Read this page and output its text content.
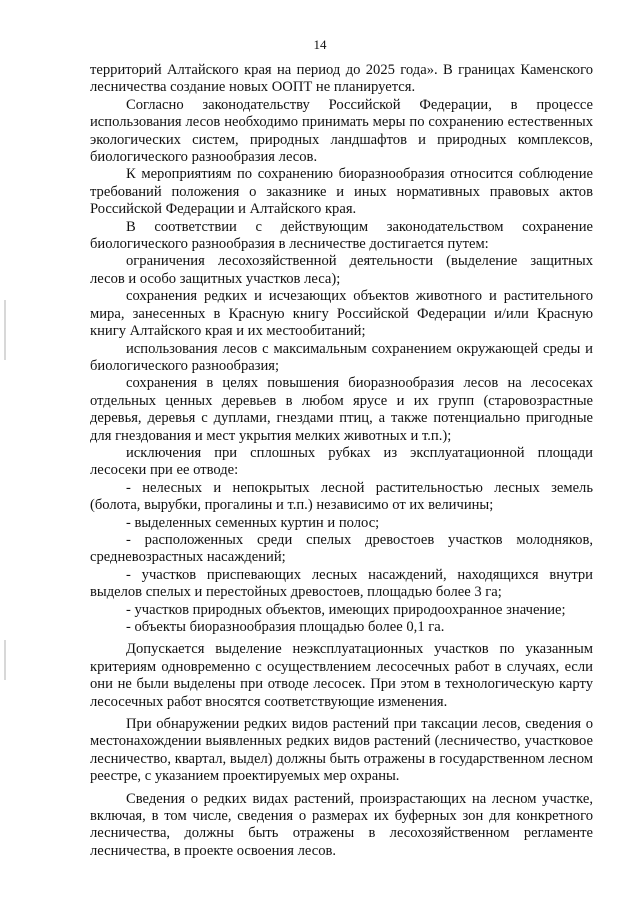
14

территорий Алтайского края на период до 2025 года». В границах Каменского лесничества создание новых ООПТ не планируется.

Согласно законодательству Российской Федерации, в процессе использования лесов необходимо принимать меры по сохранению естественных экологических систем, природных ландшафтов и природных комплексов, биологического разнообразия лесов.

К мероприятиям по сохранению биоразнообразия относится соблюдение требований положения о заказнике и иных нормативных правовых актов Российской Федерации и Алтайского края.

В соответствии с действующим законодательством сохранение биологического разнообразия в лесничестве достигается путем:

ограничения лесохозяйственной деятельности (выделение защитных лесов и особо защитных участков леса);

сохранения редких и исчезающих объектов животного и растительного мира, занесенных в Красную книгу Российской Федерации и/или Красную книгу Алтайского края и их местообитаний;

использования лесов с максимальным сохранением окружающей среды и биологического разнообразия;

сохранения в целях повышения биоразнообразия лесов на лесосеках отдельных ценных деревьев в любом ярусе и их групп (старовозрастные деревья, деревья с дуплами, гнездами птиц, а также потенциально пригодные для гнездования и мест укрытия мелких животных и т.п.);

исключения при сплошных рубках из эксплуатационной площади лесосеки при ее отводе:

- нелесных и непокрытых лесной растительностью лесных земель (болота, вырубки, прогалины и т.п.) независимо от их величины;

- выделенных семенных куртин и полос;

- расположенных среди спелых древостоев участков молодняков, средневозрастных насаждений;

- участков приспевающих лесных насаждений, находящихся внутри выделов спелых и перестойных древостоев, площадью более 3 га;

- участков природных объектов, имеющих природоохранное значение;

- объекты биоразнообразия площадью более 0,1 га.

Допускается выделение неэксплуатационных участков по указанным критериям одновременно с осуществлением лесосечных работ в случаях, если они не были выделены при отводе лесосек. При этом в технологическую карту лесосечных работ вносятся соответствующие изменения.

При обнаружении редких видов растений при таксации лесов, сведения о местонахождении выявленных редких видов растений (лесничество, участковое лесничество, квартал, выдел) должны быть отражены в государственном лесном реестре, с указанием проектируемых мер охраны.

Сведения о редких видах растений, произрастающих на лесном участке, включая, в том числе, сведения о размерах их буферных зон для конкретного лесничества, должны быть отражены в лесохозяйственном регламенте лесничества, в проекте освоения лесов.
